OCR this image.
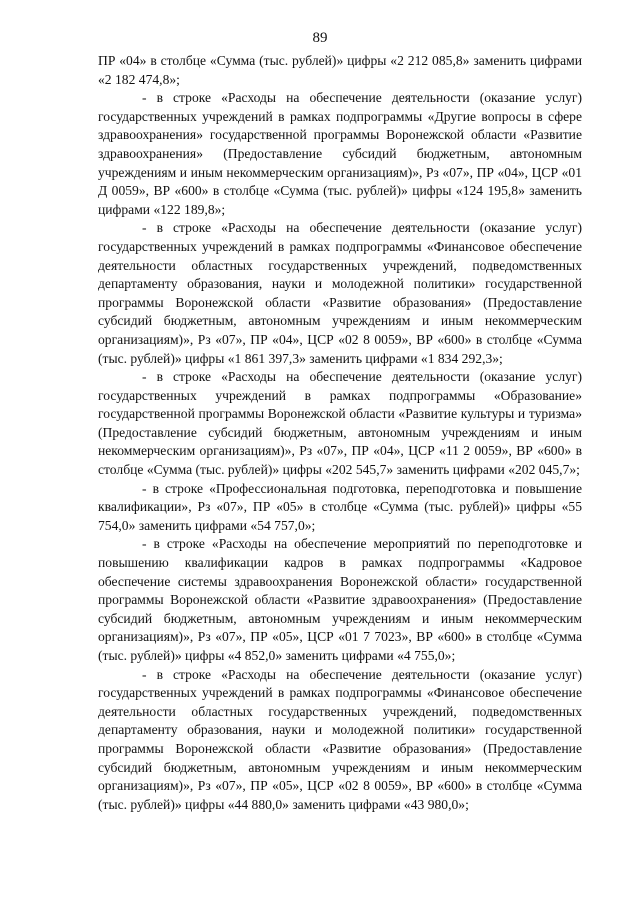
89

ПР «04» в столбце «Сумма (тыс. рублей)» цифры «2 212 085,8» заменить цифрами «2 182 474,8»;

- в строке «Расходы на обеспечение деятельности (оказание услуг) государственных учреждений в рамках подпрограммы «Другие вопросы в сфере здравоохранения» государственной программы Воронежской области «Развитие здравоохранения» (Предоставление субсидий бюджетным, автономным учреждениям и иным некоммерческим организациям)», Рз «07», ПР «04», ЦСР «01 Д 0059», ВР «600» в столбце «Сумма (тыс. рублей)» цифры «124 195,8» заменить цифрами «122 189,8»;

- в строке «Расходы на обеспечение деятельности (оказание услуг) государственных учреждений в рамках подпрограммы «Финансовое обеспечение деятельности областных государственных учреждений, подведомственных департаменту образования, науки и молодежной политики» государственной программы Воронежской области «Развитие образования» (Предоставление субсидий бюджетным, автономным учреждениям и иным некоммерческим организациям)», Рз «07», ПР «04», ЦСР «02 8 0059», ВР «600» в столбце «Сумма (тыс. рублей)» цифры «1 861 397,3» заменить цифрами «1 834 292,3»;

- в строке «Расходы на обеспечение деятельности (оказание услуг) государственных учреждений в рамках подпрограммы «Образование» государственной программы Воронежской области «Развитие культуры и туризма» (Предоставление субсидий бюджетным, автономным учреждениям и иным некоммерческим организациям)», Рз «07», ПР «04», ЦСР «11 2 0059», ВР «600» в столбце «Сумма (тыс. рублей)» цифры «202 545,7» заменить цифрами «202 045,7»;

- в строке «Профессиональная подготовка, переподготовка и повышение квалификации», Рз «07», ПР «05» в столбце «Сумма (тыс. рублей)» цифры «55 754,0» заменить цифрами «54 757,0»;

- в строке «Расходы на обеспечение мероприятий по переподготовке и повышению квалификации кадров в рамках подпрограммы «Кадровое обеспечение системы здравоохранения Воронежской области» государственной программы Воронежской области «Развитие здравоохранения» (Предоставление субсидий бюджетным, автономным учреждениям и иным некоммерческим организациям)», Рз «07», ПР «05», ЦСР «01 7 7023», ВР «600» в столбце «Сумма (тыс. рублей)» цифры «4 852,0» заменить цифрами «4 755,0»;

- в строке «Расходы на обеспечение деятельности (оказание услуг) государственных учреждений в рамках подпрограммы «Финансовое обеспечение деятельности областных государственных учреждений, подведомственных департаменту образования, науки и молодежной политики» государственной программы Воронежской области «Развитие образования» (Предоставление субсидий бюджетным, автономным учреждениям и иным некоммерческим организациям)», Рз «07», ПР «05», ЦСР «02 8 0059», ВР «600» в столбце «Сумма (тыс. рублей)» цифры «44 880,0» заменить цифрами «43 980,0»;
